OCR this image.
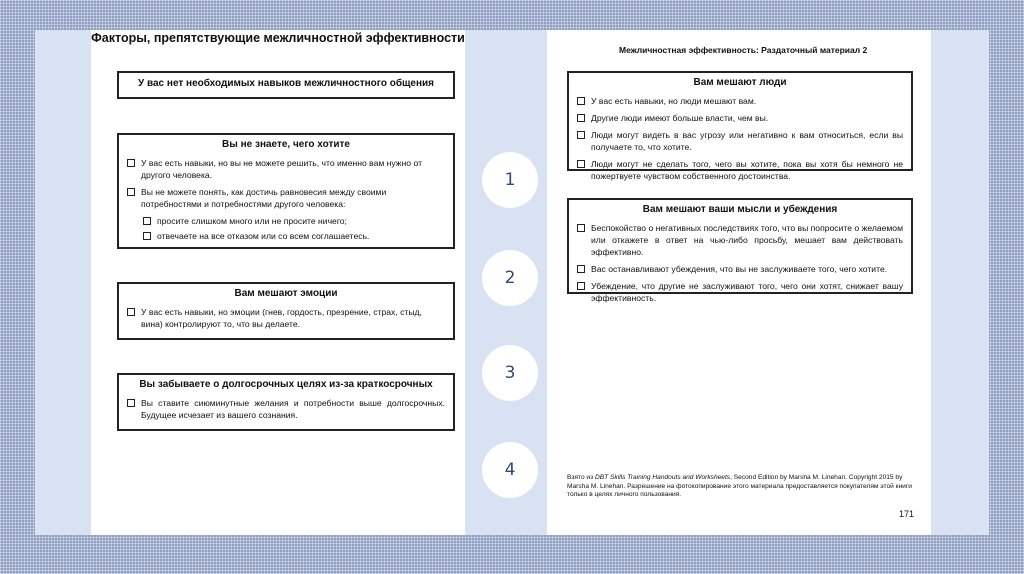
Факторы, препятствующие межличностной эффективности
У вас нет необходимых навыков межличностного общения
Вы не знаете, чего хотите
У вас есть навыки, но вы не можете решить, что именно вам нужно от другого человека.
Вы не можете понять, как достичь равновесия между своими потребностями и потребностями другого человека:
просите слишком много или не просите ничего;
отвечаете на все отказом или со всем соглашаетесь.
Вам мешают эмоции
У вас есть навыки, но эмоции (гнев, гордость, презрение, страх, стыд, вина) контролируют то, что вы делаете.
Вы забываете о долгосрочных целях из-за краткосрочных
Вы ставите сиюминутные желания и потребности выше долгосрочных. Будущее исчезает из вашего сознания.
Межличностная эффективность: Раздаточный материал 2
Вам мешают люди
У вас есть навыки, но люди мешают вам.
Другие люди имеют больше власти, чем вы.
Люди могут видеть в вас угрозу или негативно к вам относиться, если вы получаете то, что хотите.
Люди могут не сделать того, чего вы хотите, пока вы хотя бы немного не пожертвуете чувством собственного достоинства.
Вам мешают ваши мысли и убеждения
Беспокойство о негативных последствиях того, что вы попросите о желаемом или откажете в ответ на чью-либо просьбу, мешает вам действовать эффективно.
Вас останавливают убеждения, что вы не заслуживаете того, чего хотите.
Убеждение, что другие не заслуживают того, чего они хотят, снижает вашу эффективность.
Взято из DBT Skills Training Handouts and Worksheets, Second Edition by Marsha M. Linehan. Copyright 2015 by Marsha M. Linehan. Разрешение на фотокопирование этого материала предоставляется покупателям этой книги только в целях личного пользования.
171
1
2
3
4
